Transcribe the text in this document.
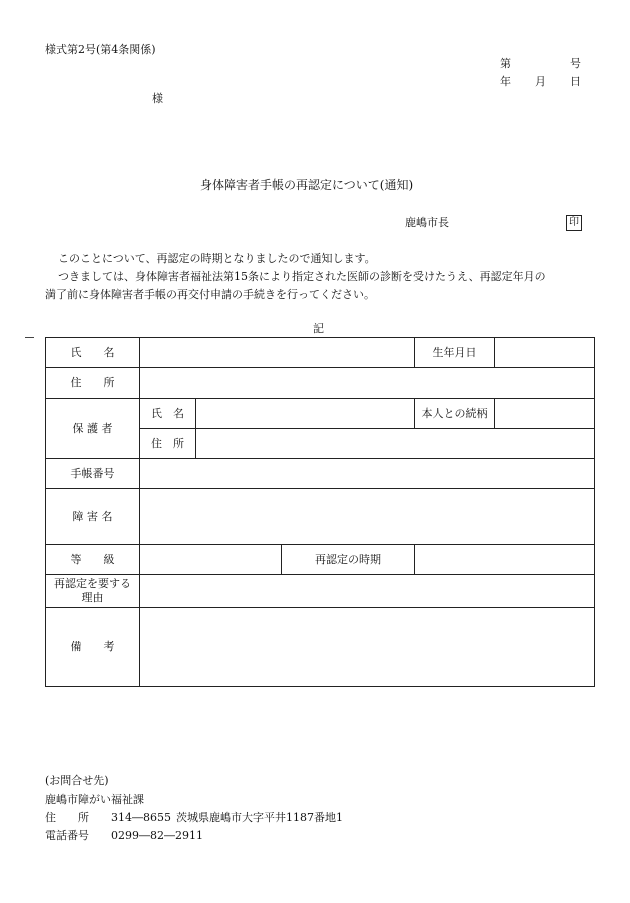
様式第2号(第4条関係)
第	号
年 月 日
様
身体障害者手帳の再認定について(通知)
鹿嶋市長	印
このことについて、再認定の時期となりましたので通知します。
つきましては、身体障害者福祉法第15条により指定された医師の診断を受けたうえ、再認定年月の
満了前に身体障害者手帳の再交付申請の手続きを行ってください。
記
氏　　名				生年月日	
住　　所					
保 護 者	氏　名			本人との続柄	
	住　所				
手帳番号					
障 害 名					
等　　級			再認定の時期		

再認定を要する
理由					

備　　考					
(お問合せ先)
鹿嶋市障がい福祉課
住　　所 314―8655 茨城県鹿嶋市大字平井1187番地1
電話番号 0299―82―2911
